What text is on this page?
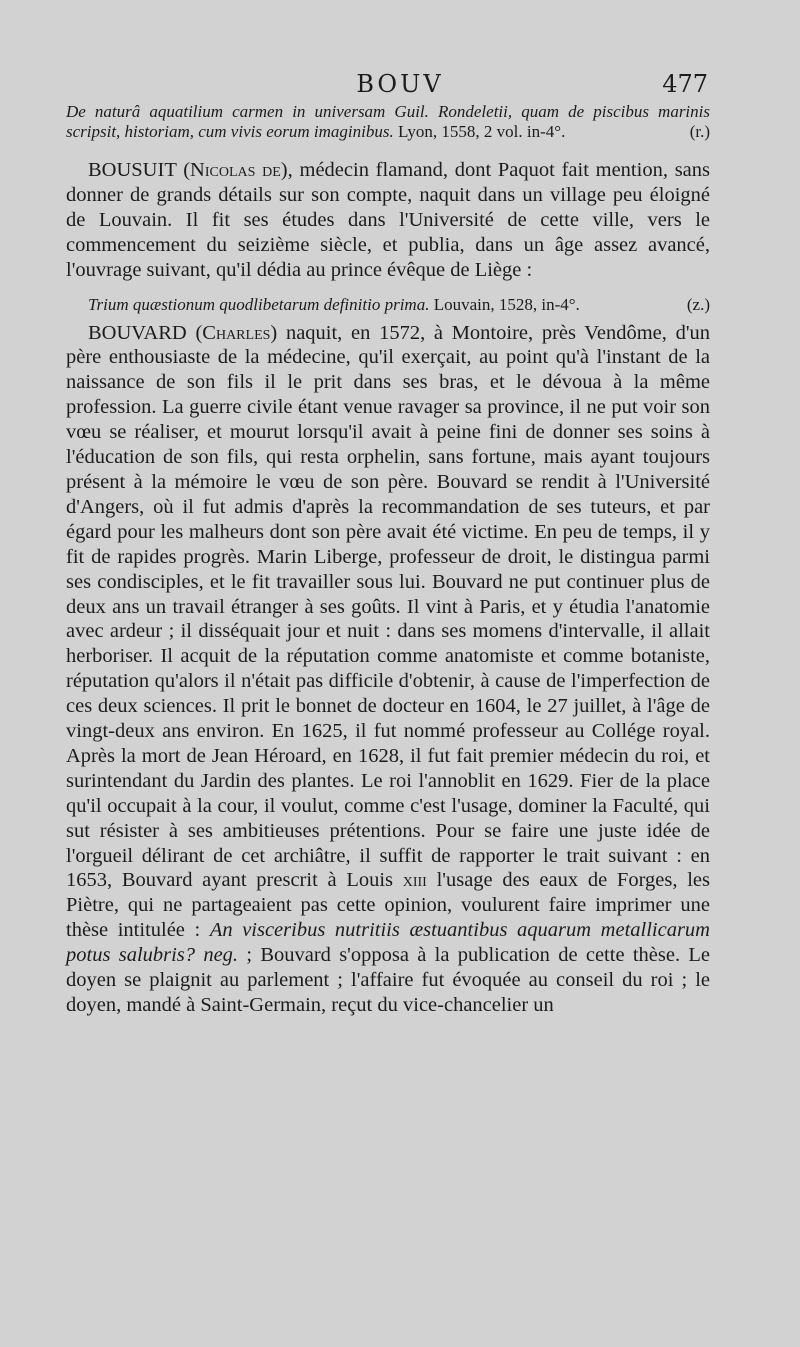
BOUV	477

De naturâ aquatilium carmen in universam Guil. Rondeletii, quam de piscibus marinis scripsit, historiam, cum vivis eorum imaginibus. Lyon, 1558, 2 vol. in-4°.	(r.)

BOUSUIT (Nicolas de), médecin flamand, dont Paquot fait mention, sans donner de grands détails sur son compte, naquit dans un village peu éloigné de Louvain. Il fit ses études dans l'Université de cette ville, vers le commencement du seizième siècle, et publia, dans un âge assez avancé, l'ouvrage suivant, qu'il dédia au prince évêque de Liège :

Trium quæstionum quodlibetarum definitio prima. Louvain, 1528, in-4°.	(z.)

BOUVARD (Charles) naquit, en 1572, à Montoire, près Vendôme, d'un père enthousiaste de la médecine, qu'il exerçait, au point qu'à l'instant de la naissance de son fils il le prit dans ses bras, et le dévoua à la même profession. La guerre civile étant venue ravager sa province, il ne put voir son vœu se réaliser, et mourut lorsqu'il avait à peine fini de donner ses soins à l'éducation de son fils, qui resta orphelin, sans fortune, mais ayant toujours présent à la mémoire le vœu de son père. Bouvard se rendit à l'Université d'Angers, où il fut admis d'après la recommandation de ses tuteurs, et par égard pour les malheurs dont son père avait été victime. En peu de temps, il y fit de rapides progrès. Marin Liberge, professeur de droit, le distingua parmi ses condisciples, et le fit travailler sous lui. Bouvard ne put continuer plus de deux ans un travail étranger à ses goûts. Il vint à Paris, et y étudia l'anatomie avec ardeur ; il disséquait jour et nuit : dans ses momens d'intervalle, il allait herboriser. Il acquit de la réputation comme anatomiste et comme botaniste, réputation qu'alors il n'était pas difficile d'obtenir, à cause de l'imperfection de ces deux sciences. Il prit le bonnet de docteur en 1604, le 27 juillet, à l'âge de vingt-deux ans environ. En 1625, il fut nommé professeur au Collége royal. Après la mort de Jean Héroard, en 1628, il fut fait premier médecin du roi, et surintendant du Jardin des plantes. Le roi l'annoblit en 1629. Fier de la place qu'il occupait à la cour, il voulut, comme c'est l'usage, dominer la Faculté, qui sut résister à ses ambitieuses prétentions. Pour se faire une juste idée de l'orgueil délirant de cet archiâtre, il suffit de rapporter le trait suivant : en 1653, Bouvard ayant prescrit à Louis xiii l'usage des eaux de Forges, les Piètre, qui ne partageaient pas cette opinion, voulurent faire imprimer une thèse intitulée : An visceribus nutritiis æstuantibus aquarum metallicarum potus salubris? neg. ; Bouvard s'opposa à la publication de cette thèse. Le doyen se plaignit au parlement ; l'affaire fut évoquée au conseil du roi ; le doyen, mandé à Saint-Germain, reçut du vice-chancelier un
